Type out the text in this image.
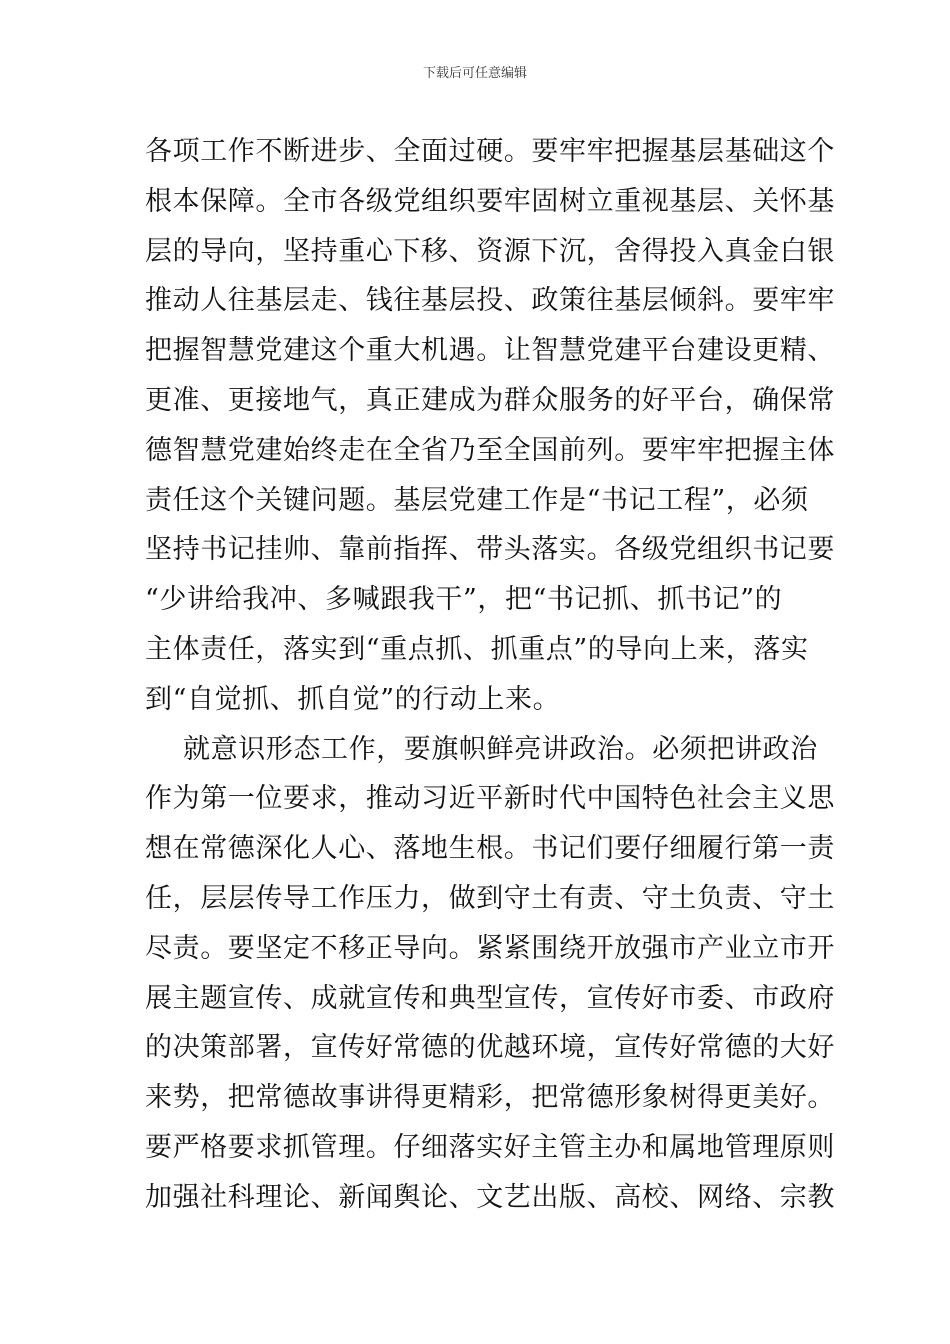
下载后可任意编辑
各项工作不断进步、全面过硬。要牢牢把握基层基础这个
根本保障。全市各级党组织要牢固树立重视基层、关怀基
层的导向，坚持重心下移、资源下沉，舍得投入真金白银
推动人往基层走、钱往基层投、政策往基层倾斜。要牢牢
把握智慧党建这个重大机遇。让智慧党建平台建设更精、
更准、更接地气，真正建成为群众服务的好平台，确保常
德智慧党建始终走在全省乃至全国前列。要牢牢把握主体
责任这个关键问题。基层党建工作是“书记工程”，必须
坚持书记挂帅、靠前指挥、带头落实。各级党组织书记要
“少讲给我冲、多喊跟我干”，把“书记抓、抓书记”的
主体责任，落实到“重点抓、抓重点”的导向上来，落实
到“自觉抓、抓自觉”的行动上来。
就意识形态工作，要旗帜鲜亮讲政治。必须把讲政治
作为第一位要求，推动习近平新时代中国特色社会主义思
想在常德深化人心、落地生根。书记们要仔细履行第一责
任，层层传导工作压力，做到守土有责、守土负责、守土
尽责。要坚定不移正导向。紧紧围绕开放强市产业立市开
展主题宣传、成就宣传和典型宣传，宣传好市委、市政府
的决策部署，宣传好常德的优越环境，宣传好常德的大好
来势，把常德故事讲得更精彩，把常德形象树得更美好。
要严格要求抓管理。仔细落实好主管主办和属地管理原则
加强社科理论、新闻舆论、文艺出版、高校、网络、宗教
